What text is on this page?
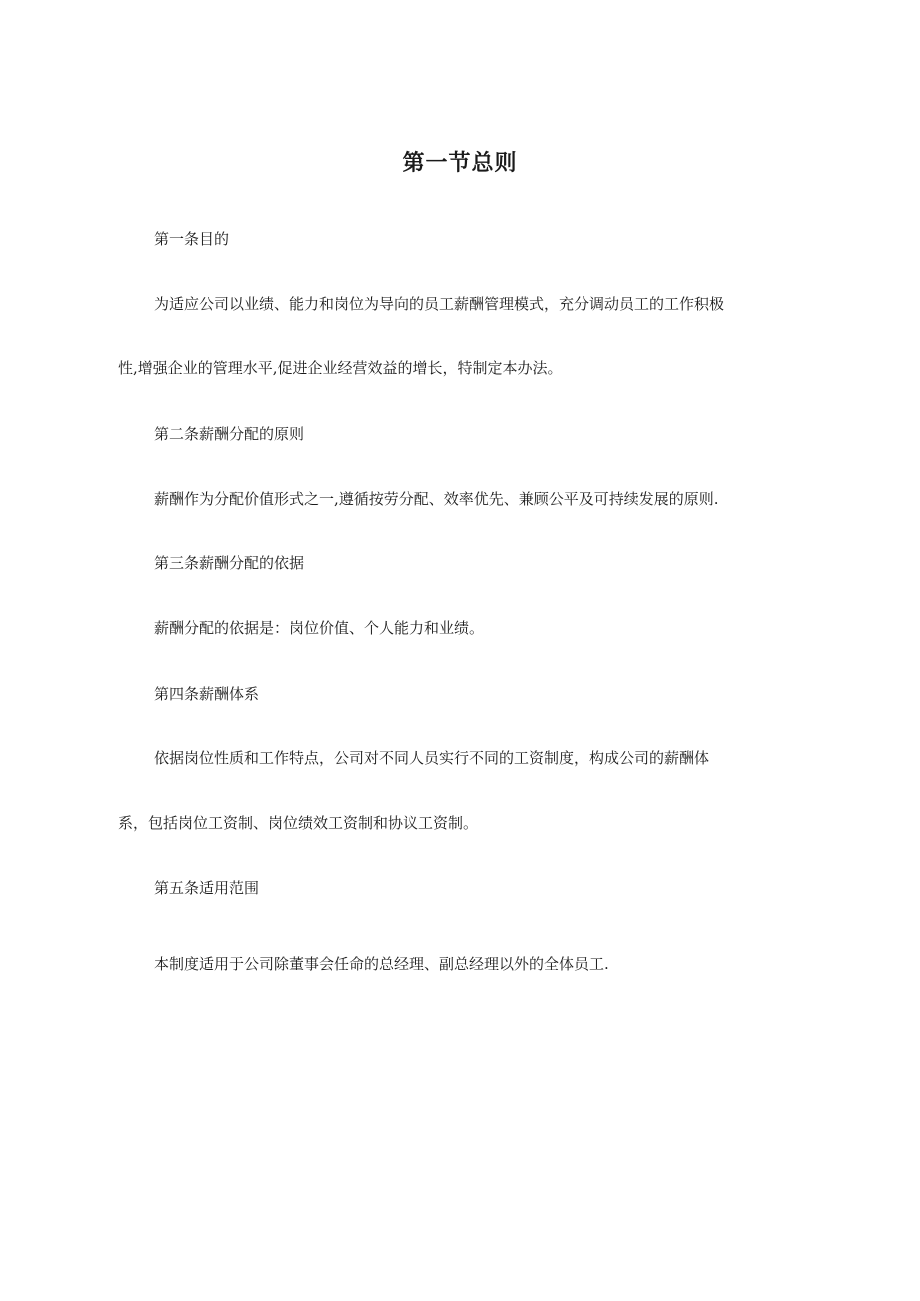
第一节总则

第一条目的

为适应公司以业绩、能力和岗位为导向的员工薪酬管理模式，充分调动员工的工作积极

性,增强企业的管理水平,促进企业经营效益的增长，特制定本办法。

第二条薪酬分配的原则

薪酬作为分配价值形式之一,遵循按劳分配、效率优先、兼顾公平及可持续发展的原则.

第三条薪酬分配的依据

薪酬分配的依据是：岗位价值、个人能力和业绩。

第四条薪酬体系

依据岗位性质和工作特点，公司对不同人员实行不同的工资制度，构成公司的薪酬体

系，包括岗位工资制、岗位绩效工资制和协议工资制。

第五条适用范围

本制度适用于公司除董事会任命的总经理、副总经理以外的全体员工.
